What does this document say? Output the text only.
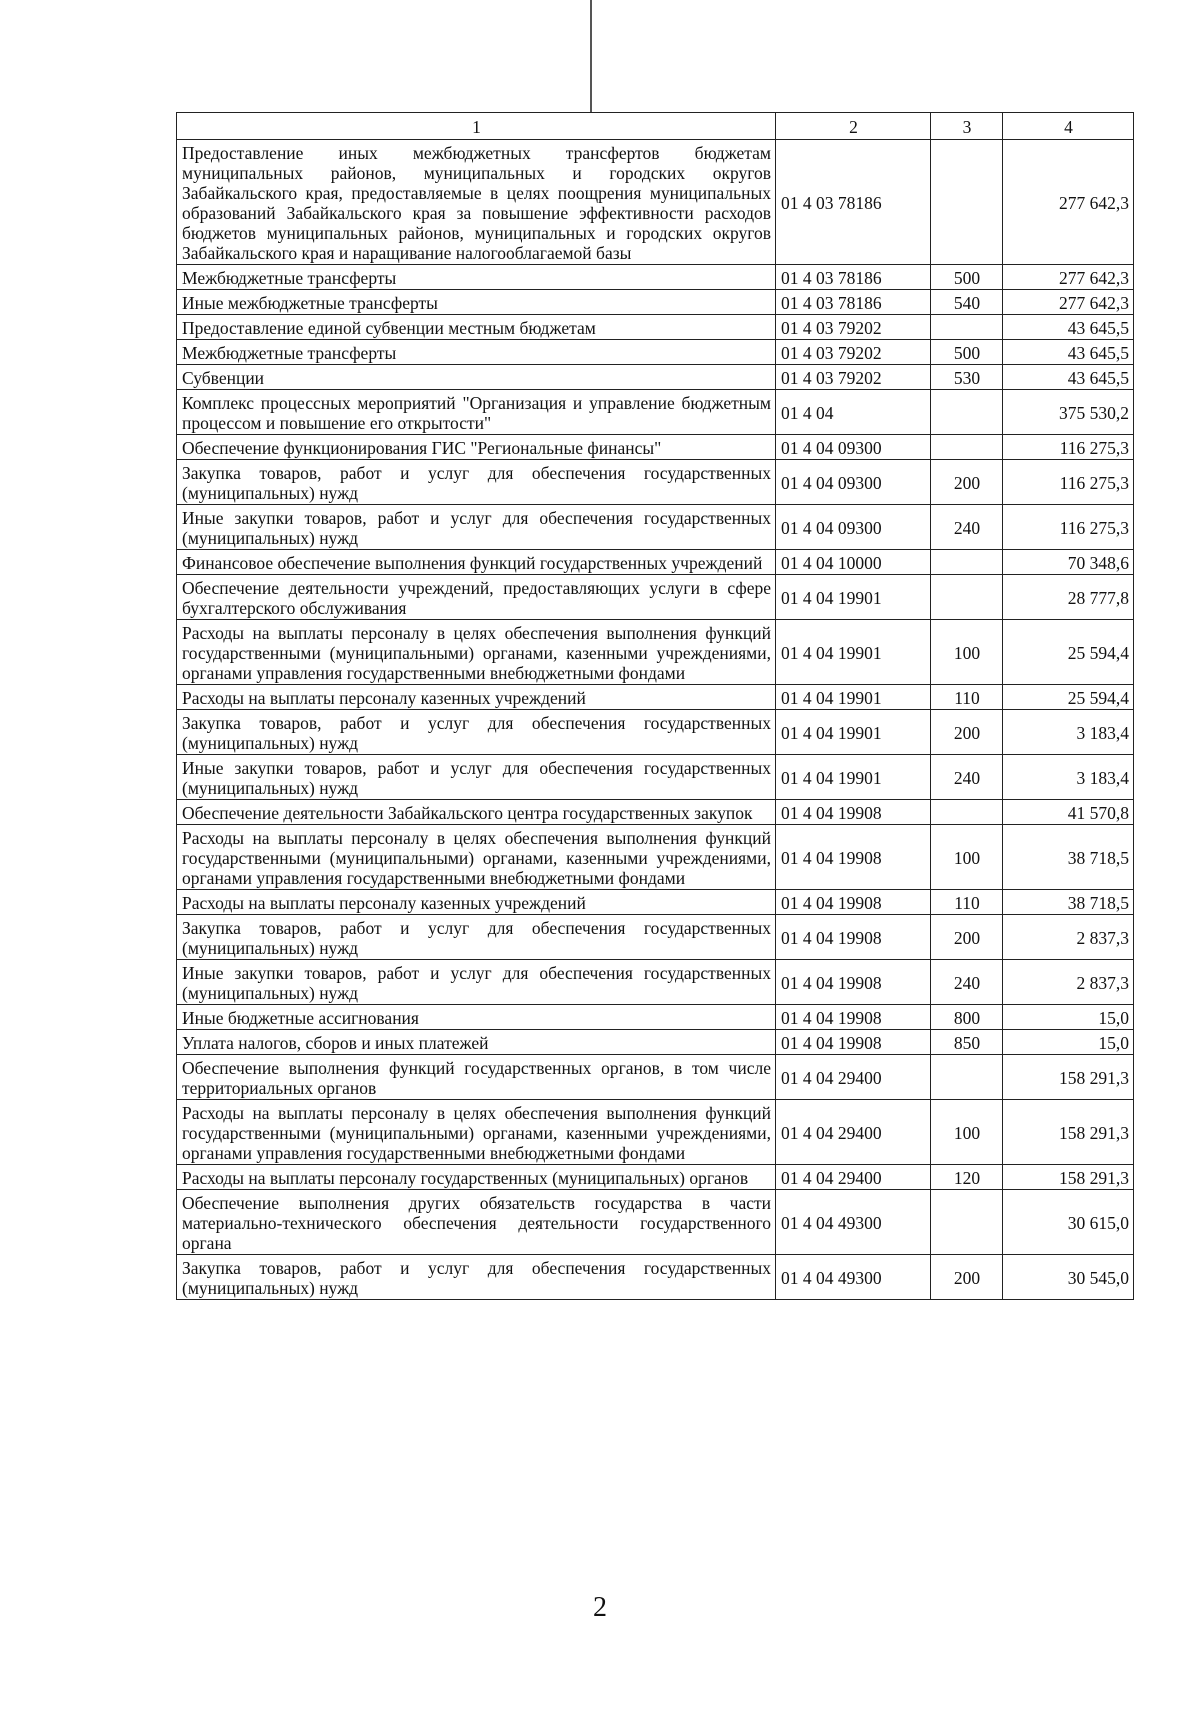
1	2	3	4
Предоставление иных межбюджетных трансфертов бюджетам муниципальных районов, муниципальных и городских округов Забайкальского края, предоставляемые в целях поощрения муниципальных образований Забайкальского края за повышение эффективности расходов бюджетов муниципальных районов, муниципальных и городских округов Забайкальского края и наращивание налогооблагаемой базы	01 4 03 78186		277 642,3
Межбюджетные трансферты	01 4 03 78186	500	277 642,3
Иные межбюджетные трансферты	01 4 03 78186	540	277 642,3
Предоставление единой субвенции местным бюджетам	01 4 03 79202		43 645,5
Межбюджетные трансферты	01 4 03 79202	500	43 645,5
Субвенции	01 4 03 79202	530	43 645,5
Комплекс процессных мероприятий "Организация и управление бюджетным процессом и повышение его открытости"	01 4 04		375 530,2
Обеспечение функционирования ГИС "Региональные финансы"	01 4 04 09300		116 275,3
Закупка товаров, работ и услуг для обеспечения государственных (муниципальных) нужд	01 4 04 09300	200	116 275,3
Иные закупки товаров, работ и услуг для обеспечения государственных (муниципальных) нужд	01 4 04 09300	240	116 275,3
Финансовое обеспечение выполнения функций государственных учреждений	01 4 04 10000		70 348,6
Обеспечение деятельности учреждений, предоставляющих услуги в сфере бухгалтерского обслуживания	01 4 04 19901		28 777,8
Расходы на выплаты персоналу в целях обеспечения выполнения функций государственными (муниципальными) органами, казенными учреждениями, органами управления государственными внебюджетными фондами	01 4 04 19901	100	25 594,4
Расходы на выплаты персоналу казенных учреждений	01 4 04 19901	110	25 594,4
Закупка товаров, работ и услуг для обеспечения государственных (муниципальных) нужд	01 4 04 19901	200	3 183,4
Иные закупки товаров, работ и услуг для обеспечения государственных (муниципальных) нужд	01 4 04 19901	240	3 183,4
Обеспечение деятельности Забайкальского центра государственных закупок	01 4 04 19908		41 570,8
Расходы на выплаты персоналу в целях обеспечения выполнения функций государственными (муниципальными) органами, казенными учреждениями, органами управления государственными внебюджетными фондами	01 4 04 19908	100	38 718,5
Расходы на выплаты персоналу казенных учреждений	01 4 04 19908	110	38 718,5
Закупка товаров, работ и услуг для обеспечения государственных (муниципальных) нужд	01 4 04 19908	200	2 837,3
Иные закупки товаров, работ и услуг для обеспечения государственных (муниципальных) нужд	01 4 04 19908	240	2 837,3
Иные бюджетные ассигнования	01 4 04 19908	800	15,0
Уплата налогов, сборов и иных платежей	01 4 04 19908	850	15,0
Обеспечение выполнения функций государственных органов, в том числе территориальных органов	01 4 04 29400		158 291,3
Расходы на выплаты персоналу в целях обеспечения выполнения функций государственными (муниципальными) органами, казенными учреждениями, органами управления государственными внебюджетными фондами	01 4 04 29400	100	158 291,3
Расходы на выплаты персоналу государственных (муниципальных) органов	01 4 04 29400	120	158 291,3
Обеспечение выполнения других обязательств государства в части материально-технического обеспечения деятельности государственного органа	01 4 04 49300		30 615,0
Закупка товаров, работ и услуг для обеспечения государственных (муниципальных) нужд	01 4 04 49300	200	30 545,0
2
